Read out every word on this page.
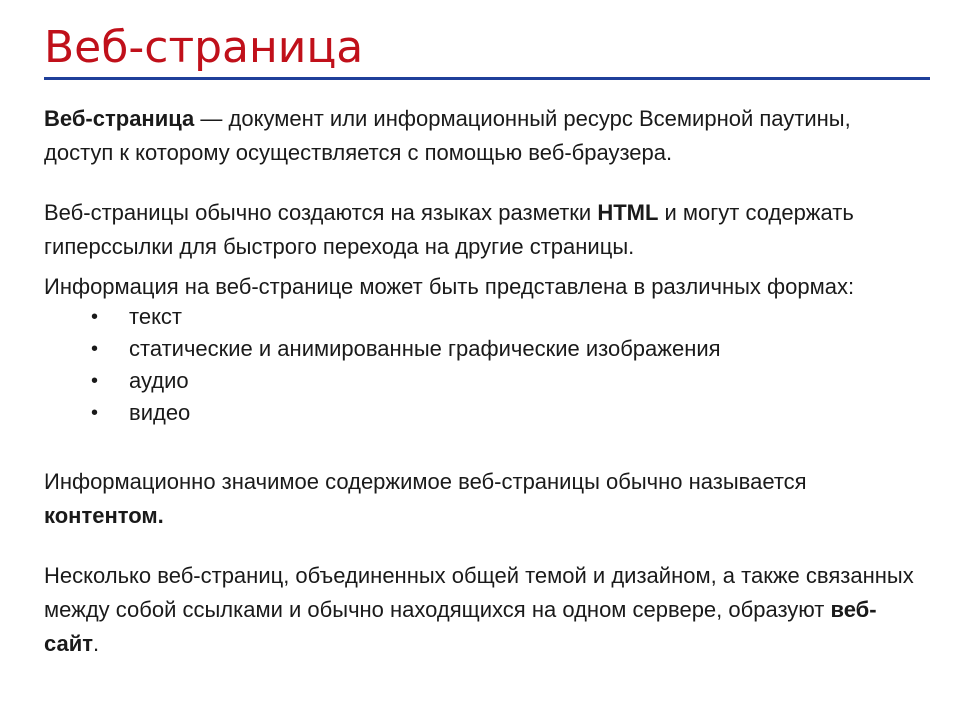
Веб-страница

Веб-страница — документ или информационный ресурс Всемирной паутины, доступ к которому осуществляется с помощью веб-браузера.

Веб-страницы обычно создаются на языках разметки HTML и могут содержать гиперссылки для быстрого перехода на другие страницы.

Информация на веб-странице может быть представлена в различных формах:

• текст
• статические и анимированные графические изображения
• аудио
• видео

Информационно значимое содержимое веб-страницы обычно называется контентом.

Несколько веб-страниц, объединенных общей темой и дизайном, а также связанных между собой ссылками и обычно находящихся на одном сервере, образуют веб-сайт.
